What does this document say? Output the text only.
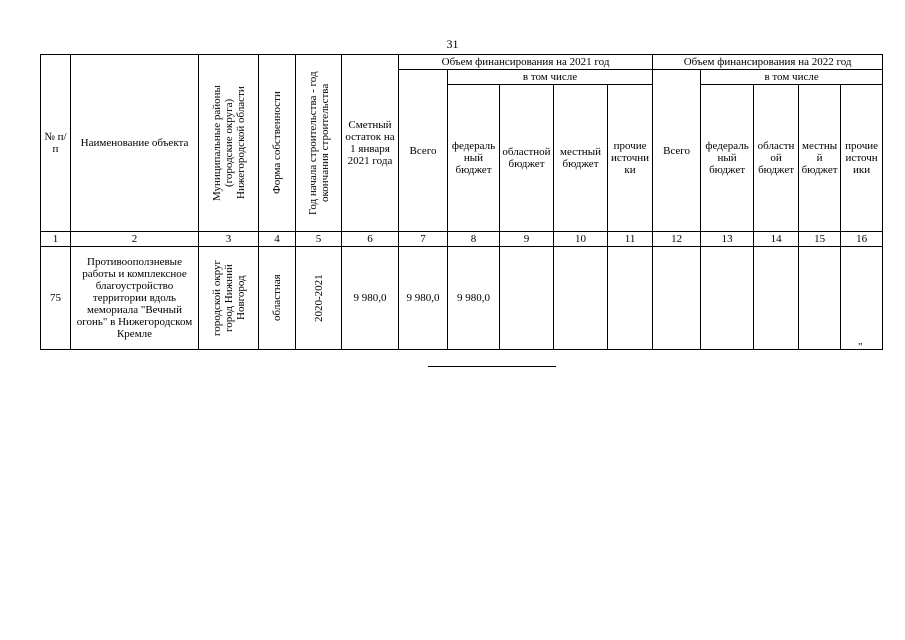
31
№ п/п	Наименование объекта	Муниципальные районы (городские округа) Нижегородской области	Форма собственности	Год начала строительства - год окончания строительства	Сметный остаток на 1 января 2021 года	Объем финансирования на 2021 год					Объем финансирования на 2022 год				
						Всего	в том числе				Всего	в том числе			
							федеральный бюджет	областной бюджет	местный бюджет	прочие источники		федеральный бюджет	областной бюджет	местный бюджет	прочие источники
1	2	3	4	5	6	7	8	9	10	11	12	13	14	15	16
75	Противооползневые работы и комплексное благоустройство территории вдоль мемориала "Вечный огонь" в Нижегородском Кремле	городской округ город Нижний Новгород	областная	2020-2021	9 980,0	9 980,0	9 980,0								
".
